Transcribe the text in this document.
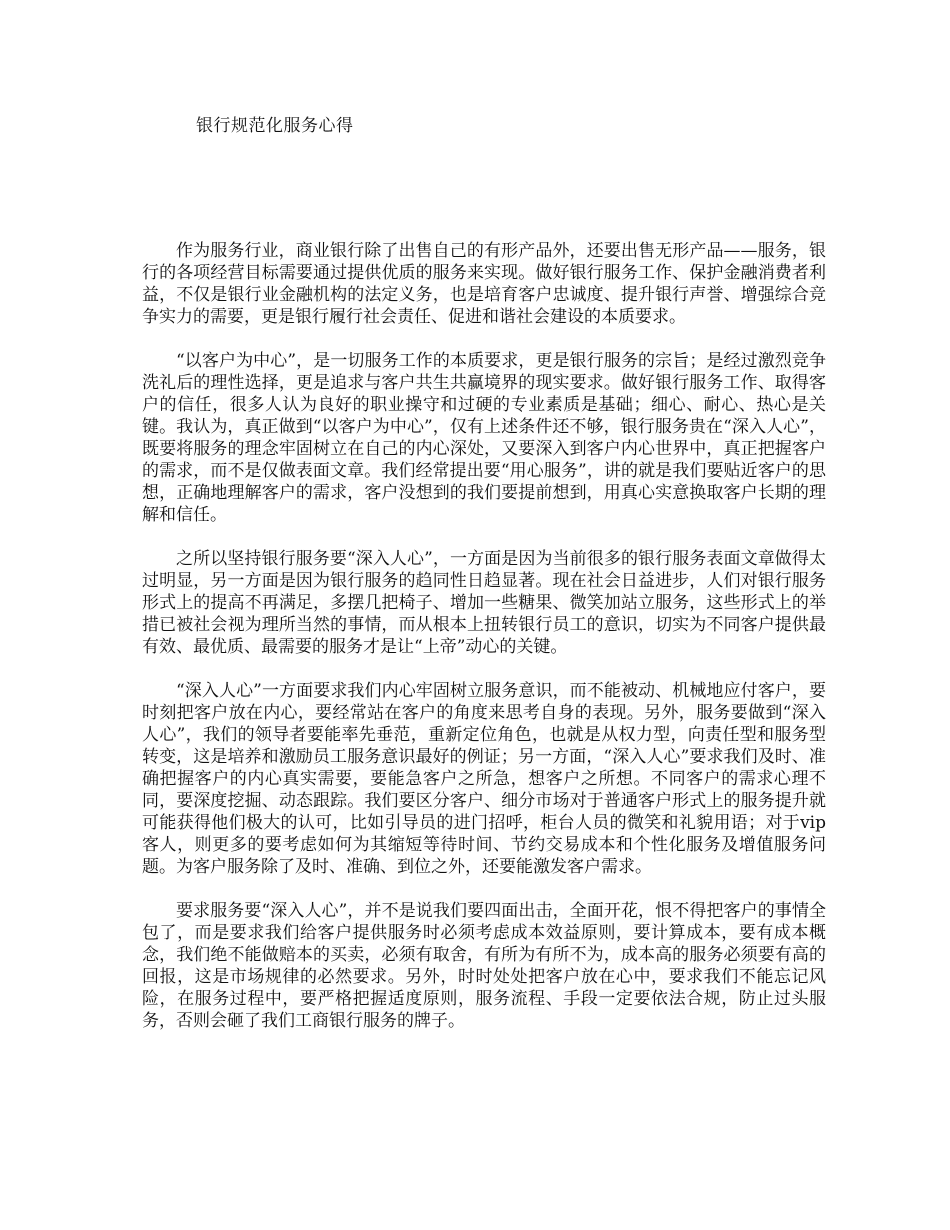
银行规范化服务心得

作为服务行业，商业银行除了出售自己的有形产品外，还要出售无形产品——服务，银行的各项经营目标需要通过提供优质的服务来实现。做好银行服务工作、保护金融消费者利益，不仅是银行业金融机构的法定义务，也是培育客户忠诚度、提升银行声誉、增强综合竞争实力的需要，更是银行履行社会责任、促进和谐社会建设的本质要求。

“以客户为中心”，是一切服务工作的本质要求，更是银行服务的宗旨；是经过激烈竞争洗礼后的理性选择，更是追求与客户共生共赢境界的现实要求。做好银行服务工作、取得客户的信任，很多人认为良好的职业操守和过硬的专业素质是基础；细心、耐心、热心是关键。我认为，真正做到“以客户为中心”，仅有上述条件还不够，银行服务贵在“深入人心”，既要将服务的理念牢固树立在自己的内心深处，又要深入到客户内心世界中，真正把握客户的需求，而不是仅做表面文章。我们经常提出要“用心服务”，讲的就是我们要贴近客户的思想，正确地理解客户的需求，客户没想到的我们要提前想到，用真心实意换取客户长期的理解和信任。

之所以坚持银行服务要“深入人心”，一方面是因为当前很多的银行服务表面文章做得太过明显，另一方面是因为银行服务的趋同性日趋显著。现在社会日益进步，人们对银行服务形式上的提高不再满足，多摆几把椅子、增加一些糖果、微笑加站立服务，这些形式上的举措已被社会视为理所当然的事情，而从根本上扭转银行员工的意识，切实为不同客户提供最有效、最优质、最需要的服务才是让“上帝”动心的关键。

“深入人心”一方面要求我们内心牢固树立服务意识，而不能被动、机械地应付客户，要时刻把客户放在内心，要经常站在客户的角度来思考自身的表现。另外，服务要做到“深入人心”，我们的领导者要能率先垂范，重新定位角色，也就是从权力型，向责任型和服务型转变，这是培养和激励员工服务意识最好的例证；另一方面，“深入人心”要求我们及时、准确把握客户的内心真实需要，要能急客户之所急，想客户之所想。不同客户的需求心理不同，要深度挖掘、动态跟踪。我们要区分客户、细分市场对于普通客户形式上的服务提升就可能获得他们极大的认可，比如引导员的进门招呼，柜台人员的微笑和礼貌用语；对于vip客人，则更多的要考虑如何为其缩短等待时间、节约交易成本和个性化服务及增值服务问题。为客户服务除了及时、准确、到位之外，还要能激发客户需求。

要求服务要“深入人心”，并不是说我们要四面出击，全面开花，恨不得把客户的事情全包了，而是要求我们给客户提供服务时必须考虑成本效益原则，要计算成本，要有成本概念，我们绝不能做赔本的买卖，必须有取舍，有所为有所不为，成本高的服务必须要有高的回报，这是市场规律的必然要求。另外，时时处处把客户放在心中，要求我们不能忘记风险，在服务过程中，要严格把握适度原则，服务流程、手段一定要依法合规，防止过头服务，否则会砸了我们工商银行服务的牌子。
